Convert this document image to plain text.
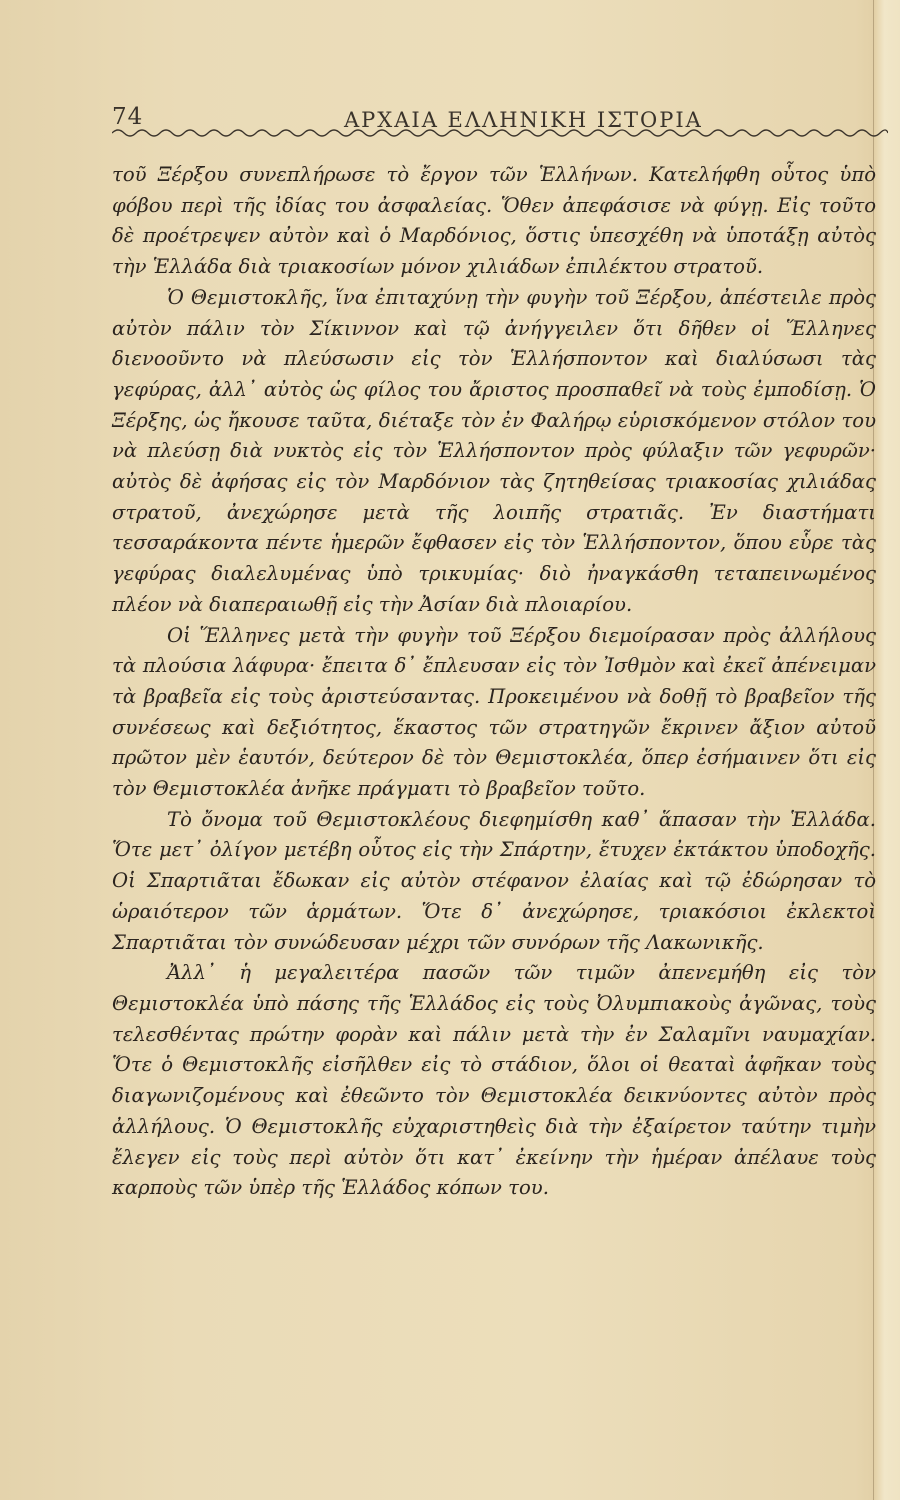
74	ΑΡΧΑΙΑ ΕΛΛΗΝΙΚΗ ΙΣΤΟΡΙΑ

τοῦ Ξέρξου συνεπλήρωσε τὸ ἔργον τῶν Ἑλλήνων. Κατελήφθη οὗτος ὑπὸ φόβου περὶ τῆς ἰδίας του ἀσφαλείας. Ὅθεν ἀπεφάσισε νὰ φύγῃ. Εἰς τοῦτο δὲ προέτρεψεν αὐτὸν καὶ ὁ Μαρδόνιος, ὅστις ὑπεσχέθη νὰ ὑποτάξῃ αὐτὸς τὴν Ἑλλάδα διὰ τριακοσίων μόνον χιλιάδων ἐπιλέκτου στρατοῦ.

Ὁ Θεμιστοκλῆς, ἵνα ἐπιταχύνῃ τὴν φυγὴν τοῦ Ξέρξου, ἀπέστειλε πρὸς αὐτὸν πάλιν τὸν Σίκιννον καὶ τῷ ἀνήγγειλεν ὅτι δῆθεν οἱ Ἕλληνες διενοοῦντο νὰ πλεύσωσιν εἰς τὸν Ἑλλήσποντον καὶ διαλύσωσι τὰς γεφύρας, ἀλλ᾽ αὐτὸς ὡς φίλος του ἄριστος προσπαθεῖ νὰ τοὺς ἐμποδίσῃ. Ὁ Ξέρξης, ὡς ἤκουσε ταῦτα, διέταξε τὸν ἐν Φαλήρῳ εὑρισκόμενον στόλον του νὰ πλεύσῃ διὰ νυκτὸς εἰς τὸν Ἑλλήσποντον πρὸς φύλαξιν τῶν γεφυρῶν· αὐτὸς δὲ ἀφήσας εἰς τὸν Μαρδόνιον τὰς ζητηθείσας τριακοσίας χιλιάδας στρατοῦ, ἀνεχώρησε μετὰ τῆς λοιπῆς στρατιᾶς. Ἐν διαστήματι τεσσαράκοντα πέντε ἡμερῶν ἔφθασεν εἰς τὸν Ἑλλήσποντον, ὅπου εὗρε τὰς γεφύρας διαλελυμένας ὑπὸ τρικυμίας· διὸ ἠναγκάσθη τεταπεινωμένος πλέον νὰ διαπεραιωθῇ εἰς τὴν Ἀσίαν διὰ πλοιαρίου.

Οἱ Ἕλληνες μετὰ τὴν φυγὴν τοῦ Ξέρξου διεμοίρασαν πρὸς ἀλλήλους τὰ πλούσια λάφυρα· ἔπειτα δ᾽ ἔπλευσαν εἰς τὸν Ἰσθμὸν καὶ ἐκεῖ ἀπένειμαν τὰ βραβεῖα εἰς τοὺς ἀριστεύσαντας. Προκειμένου νὰ δοθῇ τὸ βραβεῖον τῆς συνέσεως καὶ δεξιότητος, ἕκαστος τῶν στρατηγῶν ἔκρινεν ἄξιον αὐτοῦ πρῶτον μὲν ἑαυτόν, δεύτερον δὲ τὸν Θεμιστοκλέα, ὅπερ ἐσήμαινεν ὅτι εἰς τὸν Θεμιστοκλέα ἀνῆκε πράγματι τὸ βραβεῖον τοῦτο.

Τὸ ὄνομα τοῦ Θεμιστοκλέους διεφημίσθη καθ᾽ ἅπασαν τὴν Ἑλλάδα. Ὅτε μετ᾽ ὀλίγον μετέβη οὗτος εἰς τὴν Σπάρτην, ἔτυχεν ἐκτάκτου ὑποδοχῆς. Οἱ Σπαρτιᾶται ἔδωκαν εἰς αὐτὸν στέφανον ἐλαίας καὶ τῷ ἐδώρησαν τὸ ὡραιότερον τῶν ἁρμάτων. Ὅτε δ᾽ ἀνεχώρησε, τριακόσιοι ἐκλεκτοὶ Σπαρτιᾶται τὸν συνώδευσαν μέχρι τῶν συνόρων τῆς Λακωνικῆς.

Ἀλλ᾽ ἡ μεγαλειτέρα πασῶν τῶν τιμῶν ἀπενεμήθη εἰς τὸν Θεμιστοκλέα ὑπὸ πάσης τῆς Ἑλλάδος εἰς τοὺς Ὀλυμπιακοὺς ἀγῶνας, τοὺς τελεσθέντας πρώτην φορὰν καὶ πάλιν μετὰ τὴν ἐν Σαλαμῖνι ναυμαχίαν. Ὅτε ὁ Θεμιστοκλῆς εἰσῆλθεν εἰς τὸ στάδιον, ὅλοι οἱ θεαταὶ ἀφῆκαν τοὺς διαγωνιζομένους καὶ ἐθεῶντο τὸν Θεμιστοκλέα δεικνύοντες αὐτὸν πρὸς ἀλλήλους. Ὁ Θεμιστοκλῆς εὐχαριστηθεὶς διὰ τὴν ἐξαίρετον ταύτην τιμὴν ἔλεγεν εἰς τοὺς περὶ αὐτὸν ὅτι κατ᾽ ἐκείνην τὴν ἡμέραν ἀπέλαυε τοὺς καρποὺς τῶν ὑπὲρ τῆς Ἑλλάδος κόπων του.
